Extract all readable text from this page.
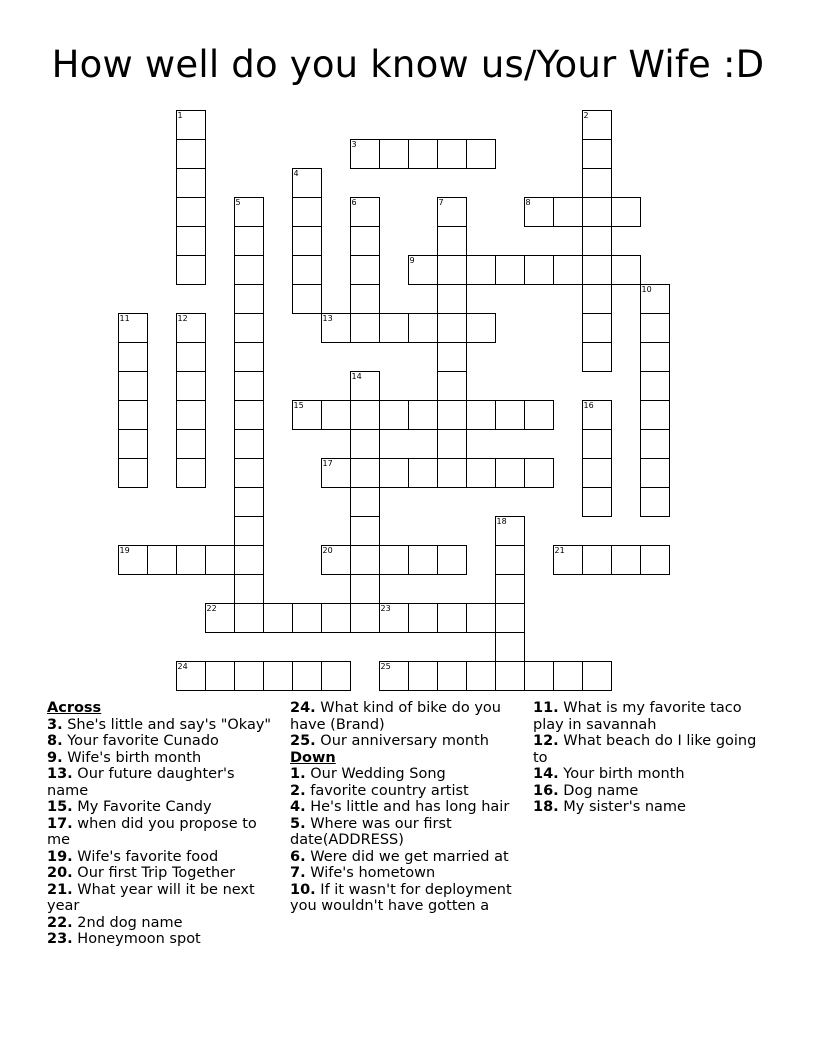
How well do you know us/Your Wife :D
1	2
3
4
5	6	7	8
9
10
11	12	13
14
15	16
17
18
19	20	21
22	23
24	25
Across
3. She's little and say's "Okay"
8. Your favorite Cunado
9. Wife's birth month
13. Our future daughter's name
15. My Favorite Candy
17. when did you propose to me
19. Wife's favorite food
20. Our first Trip Together
21. What year will it be next year
22. 2nd dog name
23. Honeymoon spot
24. What kind of bike do you have (Brand)
25. Our anniversary month
Down
1. Our Wedding Song
2. favorite country artist
4. He's little and has long hair
5. Where was our first date(ADDRESS)
6. Were did we get married at
7. Wife's hometown
10. If it wasn't for deployment you wouldn't have gotten a
11. What is my favorite taco play in savannah
12. What beach do I like going to
14. Your birth month
16. Dog name
18. My sister's name
